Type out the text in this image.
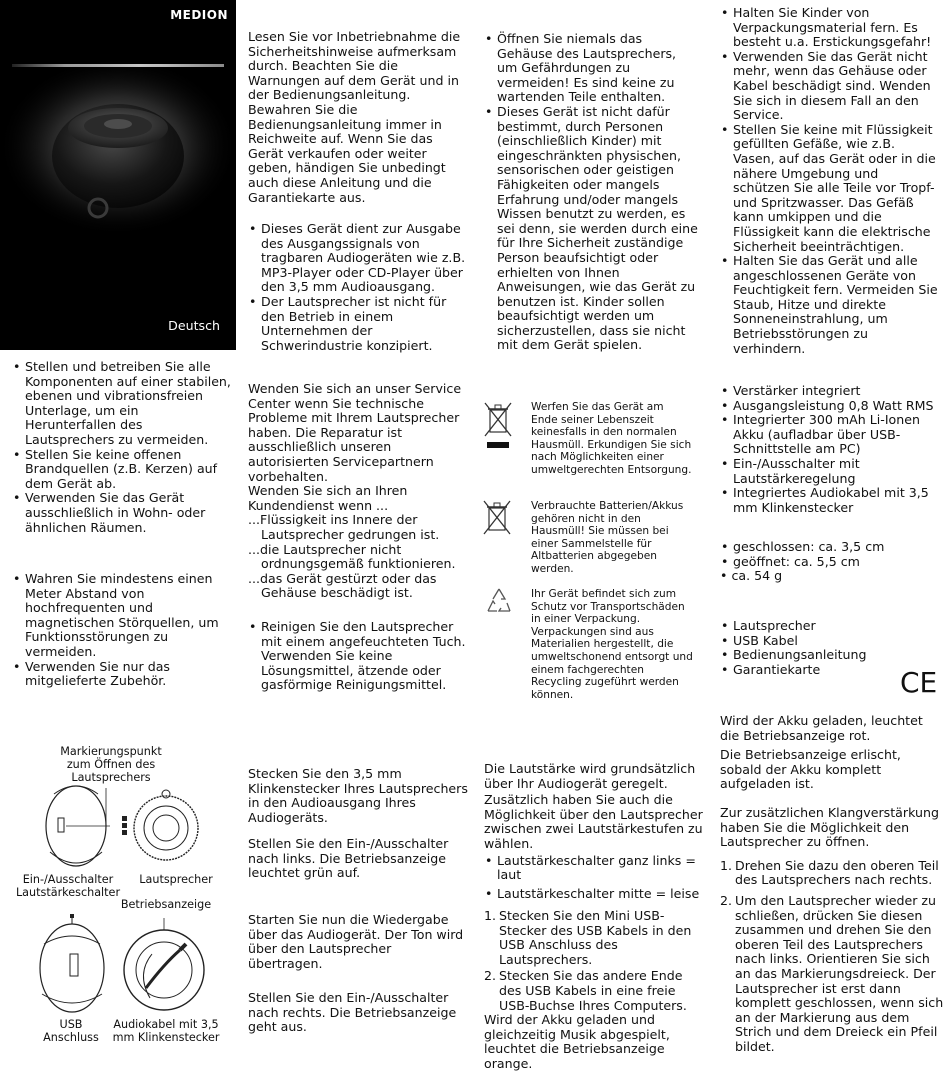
MEDION
Deutsch

Lesen Sie vor Inbetriebnahme die Sicherheitshinweise aufmerksam durch. Beachten Sie die Warnungen auf dem Gerät und in der Bedienungsanleitung. Bewahren Sie die Bedienungsanleitung immer in Reichweite auf. Wenn Sie das Gerät verkaufen oder weiter geben, händigen Sie unbedingt auch diese Anleitung und die Garantiekarte aus.

• Dieses Gerät dient zur Ausgabe des Ausgangssignals von tragbaren Audiogeräten wie z.B. MP3-Player oder CD-Player über den 3,5 mm Audioausgang.
• Der Lautsprecher ist nicht für den Betrieb in einem Unternehmen der Schwerindustrie konzipiert.
• Öffnen Sie niemals das Gehäuse des Lautsprechers, um Gefährdungen zu vermeiden! Es sind keine zu wartenden Teile enthalten.
• Dieses Gerät ist nicht dafür bestimmt, durch Personen (einschließlich Kinder) mit eingeschränkten physischen, sensorischen oder geistigen Fähigkeiten oder mangels Erfahrung und/oder mangels Wissen benutzt zu werden, es sei denn, sie werden durch eine für Ihre Sicherheit zuständige Person beaufsichtigt oder erhielten von Ihnen Anweisungen, wie das Gerät zu benutzen ist. Kinder sollen beaufsichtigt werden um sicherzustellen, dass sie nicht mit dem Gerät spielen.
• Halten Sie Kinder von Verpackungsmaterial fern. Es besteht u.a. Erstickungsgefahr!
• Verwenden Sie das Gerät nicht mehr, wenn das Gehäuse oder Kabel beschädigt sind. Wenden Sie sich in diesem Fall an den Service.
• Stellen Sie keine mit Flüssigkeit gefüllten Gefäße, wie z.B. Vasen, auf das Gerät oder in die nähere Umgebung und schützen Sie alle Teile vor Tropf- und Spritzwasser. Das Gefäß kann umkippen und die Flüssigkeit kann die elektrische Sicherheit beeinträchtigen.
• Halten Sie das Gerät und alle angeschlossenen Geräte von Feuchtigkeit fern. Vermeiden Sie Staub, Hitze und direkte Sonneneinstrahlung, um Betriebsstörungen zu verhindern.
• Stellen und betreiben Sie alle Komponenten auf einer stabilen, ebenen und vibrationsfreien Unterlage, um ein Herunterfallen des Lautsprechers zu vermeiden.
• Stellen Sie keine offenen Brandquellen (z.B. Kerzen) auf dem Gerät ab.
• Verwenden Sie das Gerät ausschließlich in Wohn- oder ähnlichen Räumen.
• Wahren Sie mindestens einen Meter Abstand von hochfrequenten und magnetischen Störquellen, um Funktionsstörungen zu vermeiden.
• Verwenden Sie nur das mitgelieferte Zubehör.

Wenden Sie sich an unser Service Center wenn Sie technische Probleme mit Ihrem Lautsprecher haben. Die Reparatur ist ausschließlich unseren autorisierten Servicepartnern vorbehalten.

Wenden Sie sich an Ihren Kundendienst wenn ...

...Flüssigkeit ins Innere der Lautsprecher gedrungen ist.

...die Lautsprecher nicht ordnungsgemäß funktionieren.

...das Gerät gestürzt oder das Gehäuse beschädigt ist.

• Reinigen Sie den Lautsprecher mit einem angefeuchteten Tuch. Verwenden Sie keine Lösungsmittel, ätzende oder gasförmige Reinigungsmittel.

Werfen Sie das Gerät am Ende seiner Lebenszeit keinesfalls in den normalen Hausmüll. Erkundigen Sie sich nach Möglichkeiten einer umweltgerechten Entsorgung.

Verbrauchte Batterien/Akkus gehören nicht in den Hausmüll! Sie müssen bei einer Sammelstelle für Altbatterien abgegeben werden.

Ihr Gerät befindet sich zum Schutz vor Transportschäden in einer Verpackung. Verpackungen sind aus Materialien hergestellt, die umweltschonend entsorgt und einem fachgerechten Recycling zugeführt werden können.

• Verstärker integriert
• Ausgangsleistung 0,8 Watt RMS
• Integrierter 300 mAh Li-Ionen Akku (aufladbar über USB-Schnittstelle am PC)
• Ein-/Ausschalter mit Lautstärkeregelung
• Integriertes Audiokabel mit 3,5 mm Klinkenstecker
• geschlossen: ca. 3,5 cm
• geöffnet: ca. 5,5 cm

• ca. 54 g

• Lautsprecher
• USB Kabel
• Bedienungsanleitung
• Garantiekarte	CE
Markierungspunkt zum Öffnen des Lautsprechers
Ein-/Ausschalter Lautstärkeschalter
Lautsprecher
Betriebsanzeige
USB Anschluss
Audiokabel mit 3,5 mm Klinkenstecker

Stecken Sie den 3,5 mm Klinkenstecker Ihres Lautsprechers in den Audioausgang Ihres Audiogeräts.

Stellen Sie den Ein-/Ausschalter nach links. Die Betriebsanzeige leuchtet grün auf.

Starten Sie nun die Wiedergabe über das Audiogerät. Der Ton wird über den Lautsprecher übertragen.

Stellen Sie den Ein-/Ausschalter nach rechts. Die Betriebsanzeige geht aus.

Die Lautstärke wird grundsätzlich über Ihr Audiogerät geregelt.

Zusätzlich haben Sie auch die Möglichkeit über den Lautsprecher zwischen zwei Lautstärkestufen zu wählen.

• Lautstärkeschalter ganz links = laut
• Lautstärkeschalter mitte = leise
1. Stecken Sie den Mini USB-Stecker des USB Kabels in den USB Anschluss des Lautsprechers.
2. Stecken Sie das andere Ende des USB Kabels in eine freie USB-Buchse Ihres Computers.

Wird der Akku geladen und gleichzeitig Musik abgespielt, leuchtet die Betriebsanzeige orange.

Wird der Akku geladen, leuchtet die Betriebsanzeige rot.

Die Betriebsanzeige erlischt, sobald der Akku komplett aufgeladen ist.

Zur zusätzlichen Klangverstärkung haben Sie die Möglichkeit den Lautsprecher zu öffnen.

1. Drehen Sie dazu den oberen Teil des Lautsprechers nach rechts.
2. Um den Lautsprecher wieder zu schließen, drücken Sie diesen zusammen und drehen Sie den oberen Teil des Lautsprechers nach links. Orientieren Sie sich an das Markierungsdreieck. Der Lautsprecher ist erst dann komplett geschlossen, wenn sich an der Markierung aus dem Strich und dem Dreieck ein Pfeil bildet.
